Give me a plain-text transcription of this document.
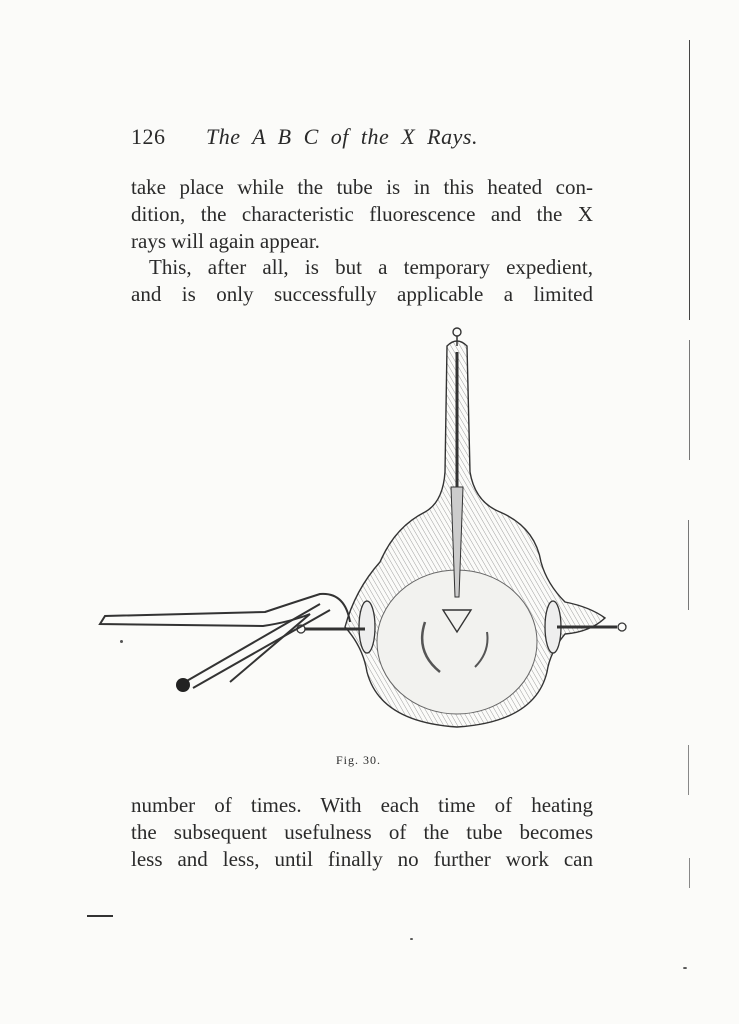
126 The A B C of the X Rays.

take place while the tube is in this heated con-
dition, the characteristic fluorescence and the X
rays will again appear.

This, after all, is but a temporary expedient,
and is only successfully applicable a limited

Fig. 30.

number of times. With each time of heating
the subsequent usefulness of the tube becomes
less and less, until finally no further work can
